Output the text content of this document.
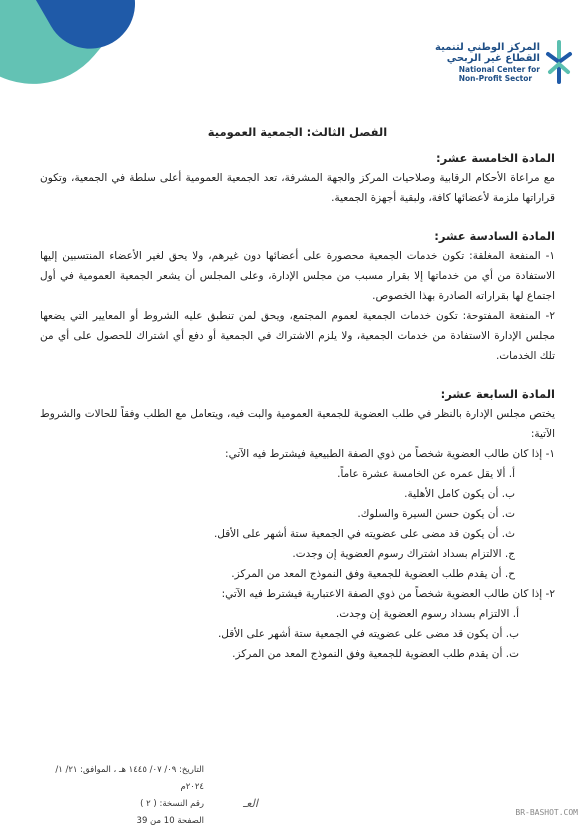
المركز الوطني لتنمية
القطاع غير الربحي
National Center for
Non-Profit Sector

الفصل الثالث: الجمعية العمومية

المادة الخامسة عشر:

مع مراعاة الأحكام الرقابية وصلاحيات المركز والجهة المشرفة، تعد الجمعية العمومية أعلى سلطة في الجمعية، وتكون قراراتها ملزمة لأعضائها كافة، ولبقية أجهزة الجمعية.

المادة السادسة عشر:

١- المنفعة المغلقة: تكون خدمات الجمعية محصورة على أعضائها دون غيرهم، ولا يحق لغير الأعضاء المنتسبين إليها الاستفادة من أي من خدماتها إلا بقرار مسبب من مجلس الإدارة، وعلى المجلس أن يشعر الجمعية العمومية في أول اجتماع لها بقراراته الصادرة بهذا الخصوص.

٢- المنفعة المفتوحة: تكون خدمات الجمعية لعموم المجتمع، ويحق لمن تنطبق عليه الشروط أو المعايير التي يضعها مجلس الإدارة الاستفادة من خدمات الجمعية، ولا يلزم الاشتراك في الجمعية أو دفع أي اشتراك للحصول على أي من تلك الخدمات.

المادة السابعة عشر:

يختص مجلس الإدارة بالنظر في طلب العضوية للجمعية العمومية والبت فيه، ويتعامل مع الطلب وفقاً للحالات والشروط الآتية:

١- إذا كان طالب العضوية شخصاً من ذوي الصفة الطبيعية فيشترط فيه الآتي:

أ. ألا يقل عمره عن الخامسة عشرة عاماً.

ب. أن يكون كامل الأهلية.

ت. أن يكون حسن السيرة والسلوك.

ث. أن يكون قد مضى على عضويته في الجمعية ستة أشهر على الأقل.

ج. الالتزام بسداد اشتراك رسوم العضوية إن وجدت.

ح. أن يقدم طلب العضوية للجمعية وفق النموذج المعد من المركز.

٢- إذا كان طالب العضوية شخصاً من ذوي الصفة الاعتبارية فيشترط فيه الآتي:

أ. الالتزام بسداد رسوم العضوية إن وجدت.

ب. أن يكون قد مضى على عضويته في الجمعية ستة أشهر على الأقل.

ت. أن يقدم طلب العضوية للجمعية وفق النموذج المعد من المركز.

التاريخ: ٠٩/ ٠٧/ ١٤٤٥ هـ ، الموافق: ٢١/ ١/ ٢٠٢٤م
رقم النسخة: ( ٢ )
الصفحة 10 من 39
العـ
BR-BASHOT.COM
